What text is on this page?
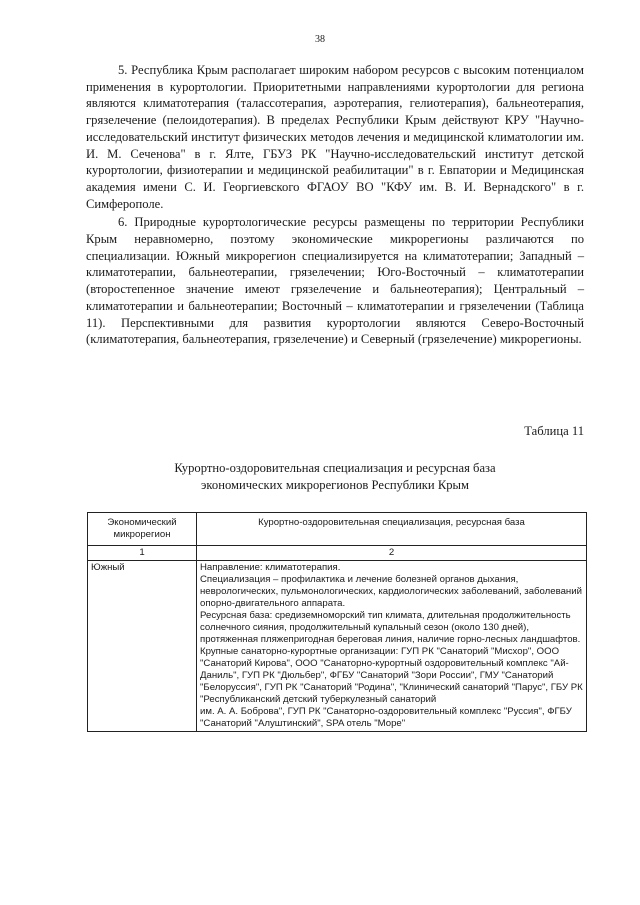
38

5. Республика Крым располагает широким набором ресурсов с высоким потенциалом применения в курортологии. Приоритетными направлениями курортологии для региона являются климатотерапия (талассотерапия, аэротерапия, гелиотерапия), бальнеотерапия, грязелечение (пелоидотерапия). В пределах Республики Крым действуют КРУ "Научно-исследовательский институт физических методов лечения и медицинской климатологии им. И. М. Сеченова" в г. Ялте, ГБУЗ РК "Научно-исследовательский институт детской курортологии, физиотерапии и медицинской реабилитации" в г. Евпатории и Медицинская академия имени С. И. Георгиевского ФГАОУ ВО "КФУ им. В. И. Вернадского" в г. Симферополе.

6. Природные курортологические ресурсы размещены по территории Республики Крым неравномерно, поэтому экономические микрорегионы различаются по специализации. Южный микрорегион специализируется на климатотерапии; Западный – климатотерапии, бальнеотерапии, грязелечении; Юго-Восточный – климатотерапии (второстепенное значение имеют грязелечение и бальнеотерапия); Центральный – климатотерапии и бальнеотерапии; Восточный – климатотерапии и грязелечении (Таблица 11). Перспективными для развития курортологии являются Северо-Восточный (климатотерапия, бальнеотерапия, грязелечение) и Северный (грязелечение) микрорегионы.

Таблица 11
Курортно-оздоровительная специализация и ресурсная база
экономических микрорегионов Республики Крым
Экономический микрорегион	Курортно-оздоровительная специализация, ресурсная база
1	2
Южный	Направление: климатотерапия.
Специализация – профилактика и лечение болезней органов дыхания, неврологических, пульмонологических, кардиологических заболеваний, заболеваний опорно-двигательного аппарата.
Ресурсная база: средиземноморский тип климата, длительная продолжительность солнечного сияния, продолжительный купальный сезон (около 130 дней), протяженная пляжепригодная береговая линия, наличие горно-лесных ландшафтов.
Крупные санаторно-курортные организации: ГУП РК "Санаторий "Мисхор", ООО "Санаторий Кирова", ООО "Санаторно-курортный оздоровительный комплекс "Ай-Даниль", ГУП РК "Дюльбер", ФГБУ "Санаторий "Зори России", ГМУ "Санаторий "Белоруссия", ГУП РК "Санаторий "Родина", "Клинический санаторий "Парус", ГБУ РК "Республиканский детский туберкулезный санаторий
им. А. А. Боброва", ГУП РК "Санаторно-оздоровительный комплекс "Руссия", ФГБУ "Санаторий "Алуштинский", SPA отель "Море"
